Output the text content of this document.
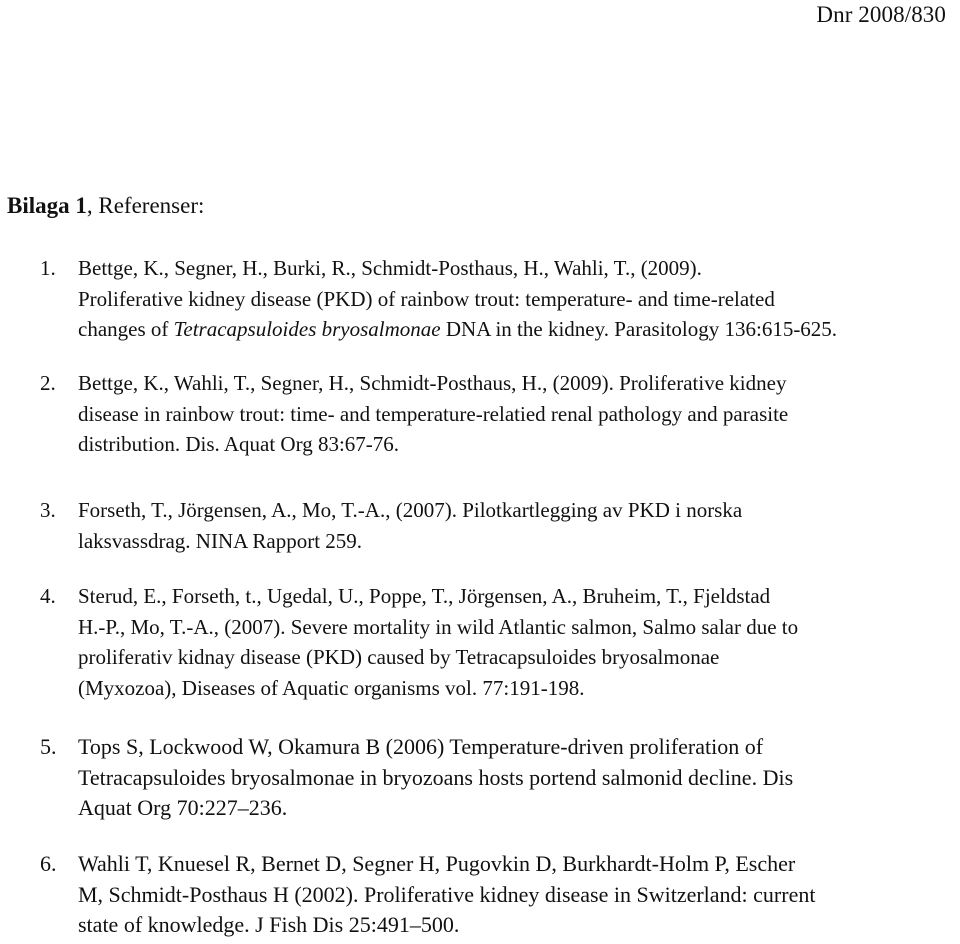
Dnr 2008/830
Bilaga 1, Referenser:
1. Bettge, K., Segner, H., Burki, R., Schmidt-Posthaus, H., Wahli, T., (2009).
Proliferative kidney disease (PKD) of rainbow trout: temperature- and time-related
changes of Tetracapsuloides bryosalmonae DNA in the kidney. Parasitology 136:615-625.
2. Bettge, K., Wahli, T., Segner, H., Schmidt-Posthaus, H., (2009). Proliferative kidney
disease in rainbow trout: time- and temperature-relatied renal pathology and parasite
distribution. Dis. Aquat Org 83:67-76.
3. Forseth, T., Jörgensen, A., Mo, T.-A., (2007). Pilotkartlegging av PKD i norska
laksvassdrag. NINA Rapport 259.
4. Sterud, E., Forseth, t., Ugedal, U., Poppe, T., Jörgensen, A., Bruheim, T., Fjeldstad
H.-P., Mo, T.-A., (2007). Severe mortality in wild Atlantic salmon, Salmo salar due to
proliferativ kidnay disease (PKD) caused by Tetracapsuloides bryosalmonae
(Myxozoa), Diseases of Aquatic organisms vol. 77:191-198.
5. Tops S, Lockwood W, Okamura B (2006) Temperature-driven proliferation of
Tetracapsuloides bryosalmonae in bryozoans hosts portend salmonid decline. Dis
Aquat Org 70:227–236.
6. Wahli T, Knuesel R, Bernet D, Segner H, Pugovkin D, Burkhardt-Holm P, Escher
M, Schmidt-Posthaus H (2002). Proliferative kidney disease in Switzerland: current
state of knowledge. J Fish Dis 25:491–500.
